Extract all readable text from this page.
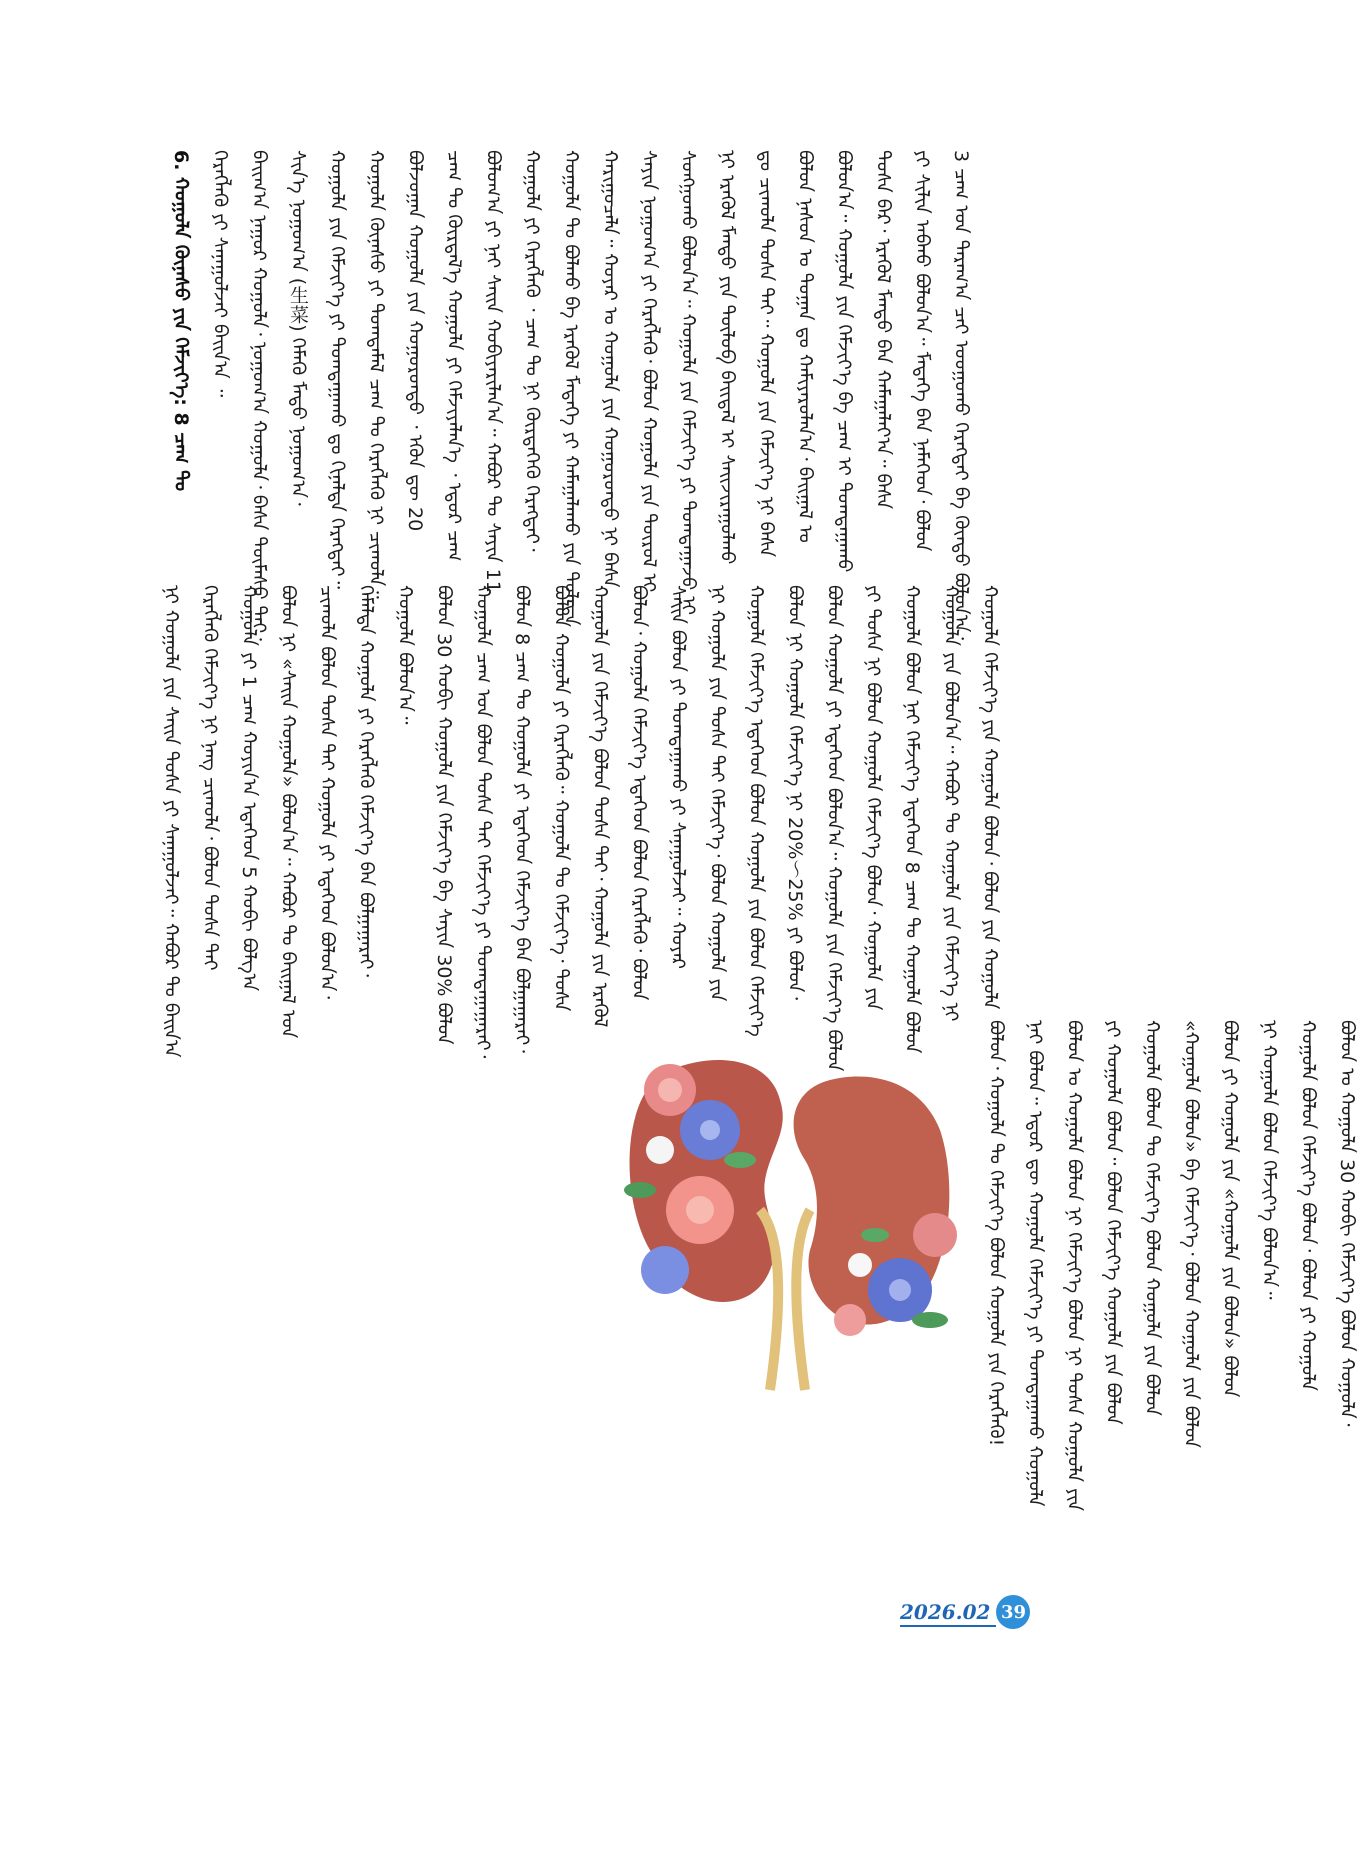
6. ᠬᠣᠭᠣᠯᠠ ᠬᠦᠨᠡᠰᠦ ᠶᠢᠨ ᠬᠡᠮᠵᠢᠶ᠎ᠡ: 8 ᠴᠠᠭ ᠲᠤ ᠬᠡᠷᠡᠭᠯᠡᠬᠦ ᠶᠢ ᠰᠠᠨᠠᠭᠤᠯᠵᠠᠢ ᠪᠠᠢᠨ᠎ᠠ ᠃ ᠪᠠᠢᠭ᠎ᠠ ᠨᠠᠭᠤᠷ ᠬᠣᠭᠣᠯᠠ᠂ ᠨᠣᠭᠣᠭ᠎ᠠ ᠬᠣᠭᠣᠯᠠ᠂ ᠪᠠᠰᠠ ᠲᠦᠮᠡᠰᠦ ᠲᠠᠢ᠂ ᠰᠢᠨ᠎ᠡ ᠨᠣᠭᠣᠭ᠎ᠠ (生菜) ᠬᠡᠮᠡᠬᠦ ᠮᠡᠲᠦ ᠨᠣᠭᠣᠭ᠎ᠠ᠂ ᠬᠣᠭᠣᠯᠠ ᠶᠢᠨ ᠬᠡᠮᠵᠢᠶ᠎ᠡ ᠶᠢ ᠲᠣᠭᠲᠠᠭᠠᠬᠤ ᠳᠤ ᠬᠢᠨᠠᠯᠲᠠ ᠬᠡᠷᠡᠭᠲᠡᠢ᠃ ᠬᠣᠭᠣᠯᠠ ᠬᠦᠨᠡᠰᠦ ᠶᠢ ᠲᠣᠭᠲᠠᠮᠠᠯ ᠴᠠᠭ ᠲᠤ ᠬᠡᠷᠡᠭᠯᠡᠬᠦ ᠨᠢ ᠴᠢᠬᠤᠯᠠ᠃ ᠪᠣᠯᠵᠣᠭᠠᠨ ᠬᠣᠭᠣᠯᠠ ᠶᠢᠨ ᠬᠣᠭᠣᠷᠣᠨᠳᠤ ᠂ ᠡᠭᠦᠨ ᠳᠦ 20 ᠴᠠᠭ ᠲᠤ ᠬᠦᠷᠲᠡᠯ᠎ᠡ ᠬᠣᠭᠣᠯᠠ ᠶᠢ ᠬᠡᠮᠵᠢᠶᠡᠯᠡᠨ᠎ᠡ ᠂ ᠡᠳᠦᠷ ᠴᠠᠭ ᠪᠣᠯᠣᠭ᠎ᠠ ᠶᠢ ᠨᠡᠢ ᠰᠠᠢᠨ ᠬᠤᠪᠢᠶᠠᠷᠢᠯᠠᠨ᠎ᠠ᠃ ᠬᠠᠪᠤᠷ ᠲᠤ ᠰᠠᠶᠢᠨ 11 ᠬᠣᠭᠣᠯᠠ ᠶᠢ ᠬᠡᠷᠡᠭᠯᠡᠬᠦ ᠂ ᠴᠠᠭ ᠲᠤ ᠨᠢ ᠬᠦᠷᠲᠡᠭᠡᠬᠦ ᠬᠡᠷᠡᠭᠲᠡᠢ᠂ ᠬᠣᠭᠣᠯᠠ ᠲᠤ ᠪᠣᠯᠬᠤ ᠪᠠ ᠡᠷᠡᠭᠦᠯ ᠮᠡᠳᠡᠭᠡ ᠶᠢ ᠬᠠᠮᠠᠭᠠᠯᠠᠬᠤ ᠶᠢᠨ ᠲᠤᠯᠠᠳᠠ ᠬᠠᠷᠢᠭᠤᠴᠠᠯᠠ᠃ ᠬᠣᠶᠠᠷ ᠤ ᠬᠣᠭᠣᠯᠠ ᠶᠢᠨ ᠬᠣᠭᠣᠷᠣᠨᠳᠤ ᠨᠢ ᠪᠠᠰᠠ ᠰᠠᠶᠢᠨ ᠨᠣᠭᠣᠭ᠎ᠠ ᠶᠢ ᠬᠡᠷᠡᠭᠯᠡᠬᠦ᠂ ᠪᠣᠯᠣᠨ ᠬᠣᠭᠣᠯᠠ ᠶᠢᠨ ᠲᠥᠷᠥᠯ ᠢ ᠰᠣᠩᠭᠣᠬᠤ ᠪᠣᠯᠤᠨ᠎ᠠ᠃ ᠬᠣᠭᠣᠯᠠ ᠶᠢᠨ ᠬᠡᠮᠵᠢᠶ᠎ᠡ ᠶᠢ ᠲᠣᠭᠲᠠᠭᠠᠵᠤ ᠨᠢ ᠨᠢ ᠡᠷᠡᠭᠦᠯ ᠮᠡᠨᠳᠦ ᠶᠢᠨ ᠲᠥᠯᠥᠪ ᠪᠠᠢᠳᠠᠯ ᠢ ᠰᠠᠢᠵᠢᠷᠠᠭᠤᠯᠬᠤ ᠳᠤ ᠴᠢᠬᠤᠯᠠ ᠲᠤᠰᠠ ᠲᠠᠢ᠃ ᠬᠣᠭᠣᠯᠠ ᠶᠢᠨ ᠬᠡᠮᠵᠢᠶ᠎ᠡ ᠨᠢ ᠪᠠᠰᠠ ᠪᠣᠯᠣᠨ ᠨᠠᠰᠤᠨ ᠤ ᠲᠣᠭᠠᠨ ᠳᠤ ᠬᠠᠮᠢᠶᠠᠷᠤᠯᠠᠨ᠎ᠠ᠂ ᠪᠠᠢᠭᠠᠯ ᠤ ᠪᠣᠯᠣᠨ᠎ᠠ᠃ ᠬᠣᠭᠣᠯᠠ ᠶᠢᠨ ᠬᠡᠮᠵᠢᠶ᠎ᠡ ᠪᠠ ᠴᠠᠭ ᠢ ᠲᠣᠭᠲᠠᠭᠠᠬᠤ ᠲᠤᠰᠠ ᠪᠡᠷ᠂ ᠡᠷᠡᠭᠦᠯ ᠮᠡᠨᠳᠦ ᠪᠡᠨ ᠬᠠᠮᠠᠭᠠᠯᠠᠶ᠎ᠠ᠃ ᠪᠠᠰᠠ ᠶᠢ ᠰᠢᠯᠢᠨ ᠠᠪᠬᠤ ᠪᠣᠯᠤᠨ᠎ᠠ᠃ ᠮᠡᠳᠡᠭᠡ ᠪᠠᠨ ᠨᠡᠮᠡᠭᠡᠳ᠂ ᠪᠣᠯᠣᠨ 3 ᠴᠠᠭ ᠤᠨ ᠳᠠᠷᠠᠭ᠎ᠠ ᠴᠠᠢ ᠤᠤᠭᠤᠬᠤ ᠬᠡᠷᠡᠭᠲᠡᠢ ᠪᠠ ᠬᠦᠨᠳᠦ ᠪᠣᠯᠤᠨ᠎ᠠ᠂
ᠨᠢ ᠬᠣᠭᠣᠯᠠ ᠶᠢᠨ ᠰᠠᠢᠨ ᠲᠤᠰᠠ ᠶᠢ ᠰᠠᠨᠠᠭᠤᠯᠵᠠᠢ᠃ ᠬᠠᠪᠤᠷ ᠲᠤ ᠪᠠᠢᠨ᠎ᠠ ᠬᠡᠷᠡᠭᠯᠡᠬᠦ ᠬᠡᠮᠵᠢᠶ᠎ᠡ ᠨᠢ ᠨᠡᠩ ᠴᠢᠬᠤᠯᠠ᠂ ᠪᠣᠯᠣᠨ ᠲᠤᠰᠠ ᠲᠠᠢ ᠬᠣᠭᠣᠯᠠ ᠶᠢ 1 ᠴᠠᠭ ᠬᠣᠶᠢᠨ᠎ᠠ ᠡᠳᠡᠭᠡᠳ 5 ᠬᠣᠪᠢ ᠪᠣᠯᠭ᠎ᠠ ᠪᠣᠯᠣᠨ ᠨᠢ «ᠰᠠᠢᠨ ᠬᠣᠭᠣᠯᠠ» ᠪᠣᠯᠤᠨ᠎ᠠ᠃ ᠬᠠᠪᠤᠷ ᠲᠤ ᠪᠠᠢᠭᠠᠯ ᠤᠨ ᠴᠢᠬᠤᠯᠠ ᠪᠣᠯᠣᠨ ᠲᠤᠰᠠ ᠲᠠᠢ ᠬᠣᠭᠣᠯᠠ ᠶᠢ ᠡᠳᠡᠭᠡᠳ ᠪᠣᠯᠣᠨ᠎ᠠ᠂ ᠬᠡᠮᠡᠯᠳᠡ ᠬᠣᠭᠣᠯᠠ ᠶᠢ ᠬᠡᠷᠡᠭᠯᠡᠬᠦ ᠬᠡᠮᠵᠢᠶ᠎ᠡ ᠪᠠᠨ ᠪᠣᠯᠭᠠᠭᠠᠷᠠᠢ᠂ ᠬᠣᠭᠣᠯᠠ ᠪᠣᠯᠤᠨ᠎ᠠ᠃ ᠪᠣᠯᠣᠨ 30 ᠬᠣᠪᠢ ᠬᠣᠭᠣᠯᠠ ᠶᠢᠨ ᠬᠡᠮᠵᠢᠶ᠎ᠡ ᠪᠠ ᠰᠠᠶᠢᠨ 30% ᠪᠣᠯᠤᠨ ᠬᠣᠭᠣᠯᠠ ᠴᠠᠭ ᠤᠨ ᠪᠣᠯᠣᠨ ᠲᠤᠰᠠ ᠲᠠᠢ ᠬᠡᠮᠵᠢᠶ᠎ᠡ ᠶᠢ ᠲᠣᠭᠲᠠᠭᠠᠭᠠᠷᠠᠢ᠂ ᠪᠣᠯᠣᠨ 8 ᠴᠠᠭ ᠲᠤ ᠬᠣᠭᠣᠯᠠ ᠶᠢ ᠡᠳᠡᠭᠡᠳ ᠬᠡᠮᠵᠢᠶ᠎ᠡ ᠪᠠᠨ ᠪᠣᠯᠭᠠᠭᠠᠷᠠᠢ᠂ ᠪᠣᠯᠣᠨ ᠬᠣᠭᠣᠯᠠ ᠶᠢ ᠬᠡᠷᠡᠭᠯᠡᠬᠦ᠃ ᠬᠣᠭᠣᠯᠠ ᠲᠤ ᠬᠡᠮᠵᠢᠶ᠎ᠡ᠂ ᠲᠤᠰᠠ ᠬᠣᠭᠣᠯᠠ ᠶᠢᠨ ᠬᠡᠮᠵᠢᠶ᠎ᠡ ᠪᠣᠯᠣᠨ ᠲᠤᠰᠠ ᠲᠠᠢ᠂ ᠬᠣᠭᠣᠯᠠ ᠶᠢᠨ ᠡᠷᠡᠭᠦᠯ ᠪᠣᠯᠣᠨ᠂ ᠬᠣᠭᠣᠯᠠ ᠬᠡᠮᠵᠢᠶ᠎ᠡ ᠡᠳᠡᠭᠡᠳ ᠪᠣᠯᠣᠨ ᠬᠡᠷᠡᠭᠯᠡᠬᠦ᠂ ᠪᠣᠯᠣᠨ ᠰᠠᠢᠨ ᠪᠣᠯᠣᠨ ᠶᠢ ᠲᠣᠭᠲᠠᠭᠠᠬᠤ ᠶᠢ ᠰᠠᠨᠠᠭᠤᠯᠵᠠᠢ᠃ ᠬᠣᠶᠠᠷ ᠨᠢ ᠬᠣᠭᠣᠯᠠ ᠶᠢᠨ ᠲᠤᠰᠠ ᠲᠠᠢ ᠬᠡᠮᠵᠢᠶ᠎ᠡ᠂ ᠪᠣᠯᠣᠨ ᠬᠣᠭᠣᠯᠠ ᠶᠢᠨ ᠬᠣᠭᠣᠯᠠ ᠬᠡᠮᠵᠢᠶ᠎ᠡ ᠡᠳᠡᠭᠡᠳ ᠪᠣᠯᠣᠨ ᠬᠣᠭᠣᠯᠠ ᠶᠢᠨ ᠪᠣᠯᠣᠨ ᠬᠡᠮᠵᠢᠶ᠎ᠡ ᠪᠣᠯᠣᠨ ᠨᠢ ᠬᠣᠭᠣᠯᠠ ᠬᠡᠮᠵᠢᠶ᠎ᠡ ᠨᠢ 20%～25% ᠶᠢ ᠪᠣᠯᠣᠨ᠂ ᠪᠣᠯᠣᠨ ᠬᠣᠭᠣᠯᠠ ᠶᠢ ᠡᠳᠡᠭᠡᠳ ᠪᠣᠯᠤᠨ᠎ᠠ᠃ ᠬᠣᠭᠣᠯᠠ ᠶᠢᠨ ᠬᠡᠮᠵᠢᠶ᠎ᠡ ᠪᠣᠯᠣᠨ ᠶᠢ ᠲᠤᠰᠠ ᠨᠢ ᠪᠣᠯᠣᠨ ᠬᠣᠭᠣᠯᠠ ᠬᠡᠮᠵᠢᠶ᠎ᠡ ᠪᠣᠯᠣᠨ᠂ ᠬᠣᠭᠣᠯᠠ ᠶᠢᠨ ᠬᠣᠭᠣᠯᠠ ᠪᠣᠯᠣᠨ ᠨᠠᠢ ᠬᠡᠮᠵᠢᠶ᠎ᠡ ᠡᠳᠡᠭᠡᠳ 8 ᠴᠠᠭ ᠲᠤ ᠬᠣᠭᠣᠯᠠ ᠪᠣᠯᠣᠨ ᠬᠣᠭᠣᠯᠠ ᠶᠢᠨ ᠪᠣᠯᠣᠨ᠎ᠠ᠃ ᠬᠠᠪᠤᠷ ᠲᠤ ᠬᠣᠭᠣᠯᠠ ᠶᠢᠨ ᠬᠡᠮᠵᠢᠶ᠎ᠡ ᠨᠢ ᠬᠣᠭᠣᠯᠠ ᠬᠡᠮᠵᠢᠶ᠎ᠡ ᠶᠢᠨ ᠬᠣᠭᠣᠯᠠ ᠪᠣᠯᠣᠨ᠂ ᠪᠣᠯᠣᠨ ᠶᠢᠨ ᠬᠣᠭᠣᠯᠠ
ᠪᠣᠯᠣᠨ᠂ ᠬᠣᠭᠣᠯᠠ ᠲᠤ ᠬᠡᠮᠵᠢᠶ᠎ᠡ ᠪᠣᠯᠣᠨ ᠬᠣᠭᠣᠯᠠ ᠶᠢᠨ ᠬᠡᠷᠡᠭᠯᠡᠬᠦ! ᠨᠠᠢ ᠪᠣᠯᠣᠨ᠃ ᠡᠳᠦᠷ ᠳᠦ ᠬᠣᠭᠣᠯᠠ ᠬᠡᠮᠵᠢᠶ᠎ᠡ ᠶᠢ ᠲᠣᠭᠲᠠᠭᠠᠬᠤ ᠬᠣᠭᠣᠯᠠ ᠪᠣᠯᠣᠨ ᠤ ᠬᠣᠭᠣᠯᠠ ᠪᠣᠯᠣᠨ ᠨᠢ ᠬᠡᠮᠵᠢᠶ᠎ᠡ ᠪᠣᠯᠣᠨ ᠨᠢ ᠲᠤᠰᠠ ᠬᠣᠭᠣᠯᠠ ᠶᠢᠨ ᠶᠢ ᠬᠣᠭᠣᠯᠠ ᠪᠣᠯᠣᠨ᠃ ᠪᠣᠯᠣᠨ ᠬᠡᠮᠵᠢᠶ᠎ᠡ ᠬᠣᠭᠣᠯᠠ ᠶᠢᠨ ᠪᠣᠯᠣᠨ ᠬᠣᠭᠣᠯᠠ ᠪᠣᠯᠣᠨ ᠲᠤ ᠬᠡᠮᠵᠢᠶ᠎ᠡ ᠪᠣᠯᠣᠨ ᠬᠣᠭᠣᠯᠠ ᠶᠢᠨ ᠪᠣᠯᠣᠨ «ᠬᠣᠭᠣᠯᠠ ᠪᠣᠯᠣᠨ» ᠪᠠ ᠬᠡᠮᠵᠢᠶ᠎ᠡ᠂ ᠪᠣᠯᠣᠨ ᠬᠣᠭᠣᠯᠠ ᠶᠢᠨ ᠪᠣᠯᠣᠨ ᠪᠣᠯᠣᠨ ᠶᠢ ᠬᠣᠭᠣᠯᠠ ᠶᠢᠨ «ᠬᠣᠭᠣᠯᠠ ᠶᠢᠨ ᠪᠣᠯᠣᠨ» ᠪᠣᠯᠣᠨ ᠨᠢ ᠬᠣᠭᠣᠯᠠ ᠪᠣᠯᠣᠨ ᠬᠡᠮᠵᠢᠶ᠎ᠡ ᠪᠣᠯᠣᠨ᠎ᠠ᠃ ᠬᠣᠭᠣᠯᠠ ᠪᠣᠯᠣᠨ ᠬᠡᠮᠵᠢᠶ᠎ᠡ ᠪᠣᠯᠣᠨ᠂ ᠪᠣᠯᠣᠨ ᠶᠢ ᠬᠣᠭᠣᠯᠠ ᠪᠣᠯᠣᠨ ᠤ ᠬᠣᠭᠣᠯᠠ 30 ᠬᠣᠪᠢ ᠬᠡᠮᠵᠢᠶ᠎ᠡ ᠪᠣᠯᠣᠨ ᠬᠣᠭᠣᠯᠠ᠂
2026.02 39
